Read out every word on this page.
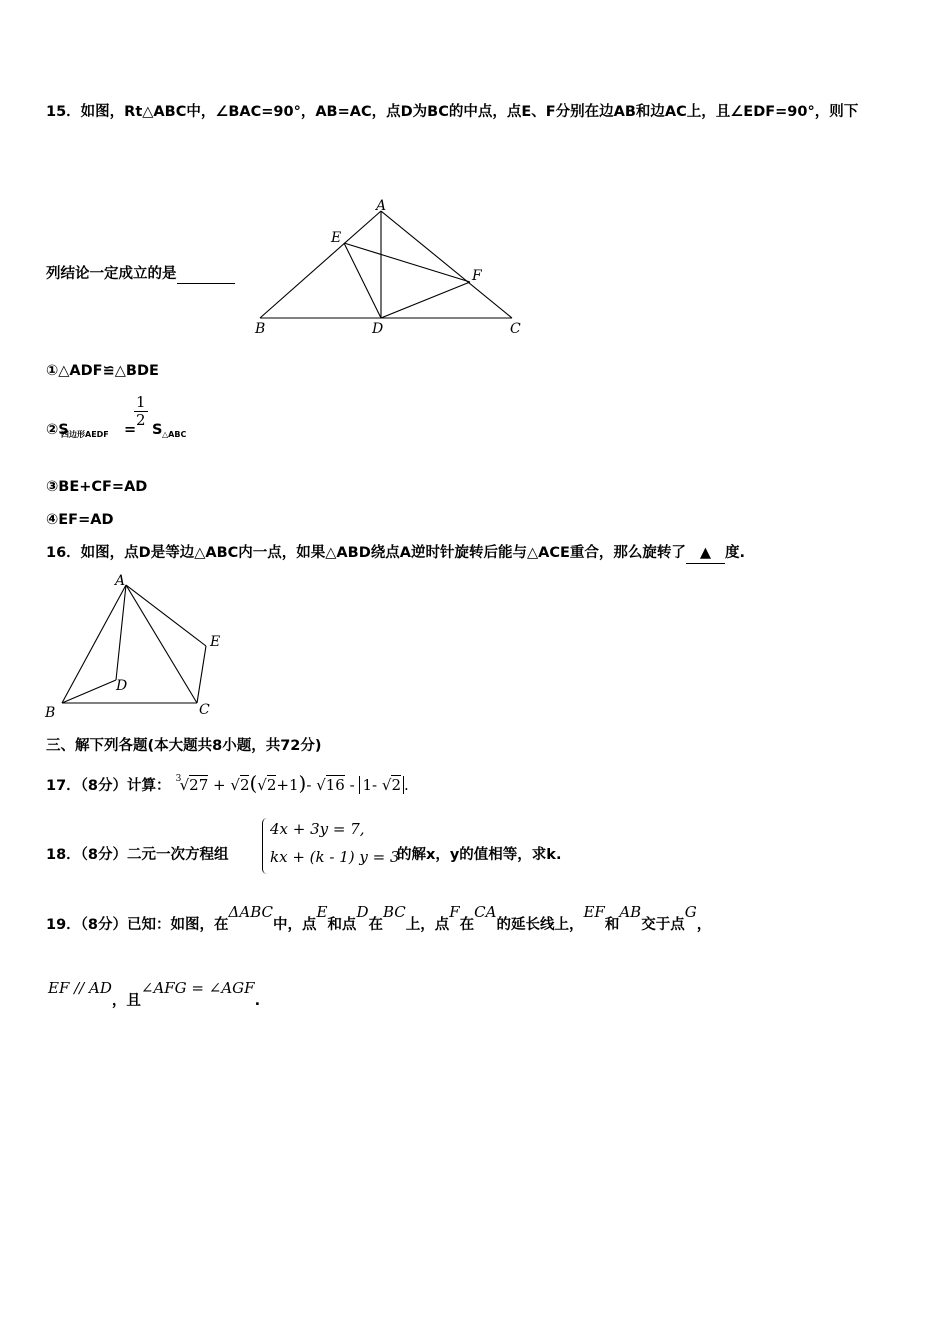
15．如图，Rt△ABC中，∠BAC=90°，AB=AC，点D为BC的中点，点E、F分别在边AB和边AC上，且∠EDF=90°，则下
列结论一定成立的是
A
E
F
B	D	C
A
E
D
B	C
①△ADF≌△BDE
②S
四边形AEDF =
$\frac{1}{2}$
S △ABC
③BE+CF=AD
④EF=AD
16．如图，点D是等边△ABC内一点，如果△ABD绕点A逆时针旋转后能与△ACE重合，那么旋转了 ▲ 度.
三、解下列各题(本大题共8小题，共72分)
17．（8分）计算： 3
√27 + √2(√2+1)- √16 - 1- √2 .
18．（8分）二元一次方程组
4x + 3y = 7,
kx + (k - 1) y = 3
的解x，y的值相等，求k.
19．（8分）已知：如图，在ΔABC中，点E和点D在BC上，点F在CA的延长线上，EF和AB交于点G，
EF // AD，且∠AFG = ∠AGF.
